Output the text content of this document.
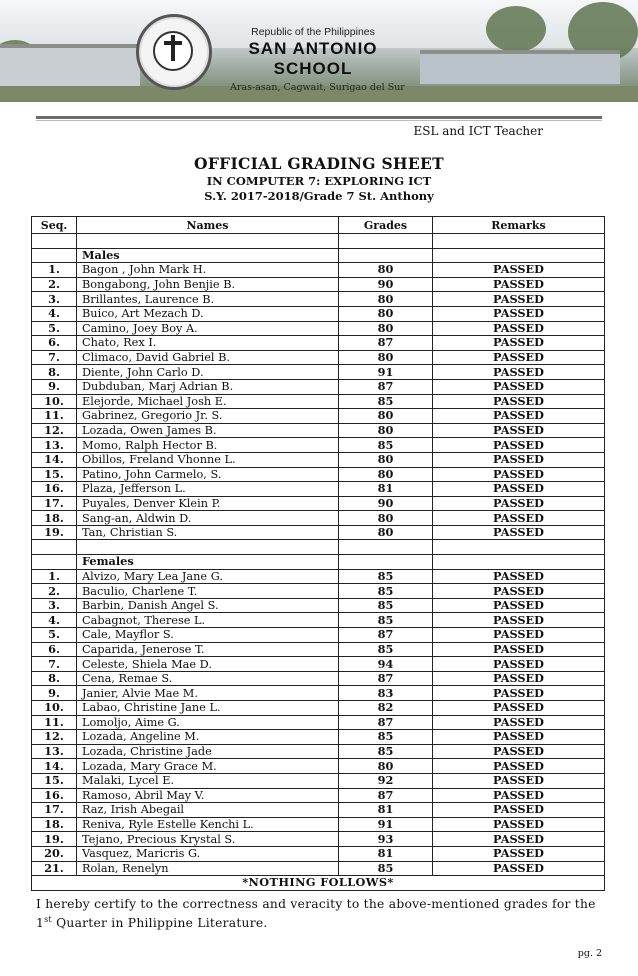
Republic of the Philippines
SAN ANTONIO SCHOOL
Aras-asan, Cagwait, Surigao del Sur
ESL and ICT Teacher
OFFICIAL GRADING SHEET
IN COMPUTER 7: EXPLORING ICT
S.Y. 2017-2018/Grade 7 St. Anthony
Seq.	Names	Grades	Remarks

	Males		
1.	Bagon , John Mark H.	80	PASSED
2.	Bongabong, John Benjie B.	90	PASSED
3.	Brillantes, Laurence B.	80	PASSED
4.	Buico, Art Mezach D.	80	PASSED
5.	Camino, Joey Boy A.	80	PASSED
6.	Chato, Rex I.	87	PASSED
7.	Climaco, David Gabriel B.	80	PASSED
8.	Diente, John Carlo D.	91	PASSED
9.	Dubduban, Marj Adrian B.	87	PASSED
10.	Elejorde, Michael Josh E.	85	PASSED
11.	Gabrinez, Gregorio Jr. S.	80	PASSED
12.	Lozada, Owen James B.	80	PASSED
13.	Momo, Ralph Hector B.	85	PASSED
14.	Obillos, Freland Vhonne L.	80	PASSED
15.	Patino, John Carmelo, S.	80	PASSED
16.	Plaza, Jefferson L.	81	PASSED
17.	Puyales, Denver Klein P.	90	PASSED
18.	Sang-an, Aldwin D.	80	PASSED
19.	Tan, Christian S.	80	PASSED

	Females		
1.	Alvizo, Mary Lea Jane G.	85	PASSED
2.	Baculio, Charlene T.	85	PASSED
3.	Barbin, Danish Angel S.	85	PASSED
4.	Cabagnot, Therese L.	85	PASSED
5.	Cale, Mayflor S.	87	PASSED
6.	Caparida, Jenerose T.	85	PASSED
7.	Celeste, Shiela Mae D.	94	PASSED
8.	Cena, Remae S.	87	PASSED
9.	Janier, Alvie Mae M.	83	PASSED
10.	Labao, Christine Jane L.	82	PASSED
11.	Lomoljo, Aime G.	87	PASSED
12.	Lozada, Angeline M.	85	PASSED
13.	Lozada, Christine Jade	85	PASSED
14.	Lozada, Mary Grace M.	80	PASSED
15.	Malaki, Lycel E.	92	PASSED
16.	Ramoso, Abril May V.	87	PASSED
17.	Raz, Irish Abegail	81	PASSED
18.	Reniva, Ryle Estelle Kenchi L.	91	PASSED
19.	Tejano, Precious Krystal S.	93	PASSED
20.	Vasquez, Maricris G.	81	PASSED
21.	Rolan, Renelyn	85	PASSED
*NOTHING FOLLOWS*			
I hereby certify to the correctness and veracity to the above-mentioned grades for the 1st Quarter in Philippine Literature.
pg. 2
